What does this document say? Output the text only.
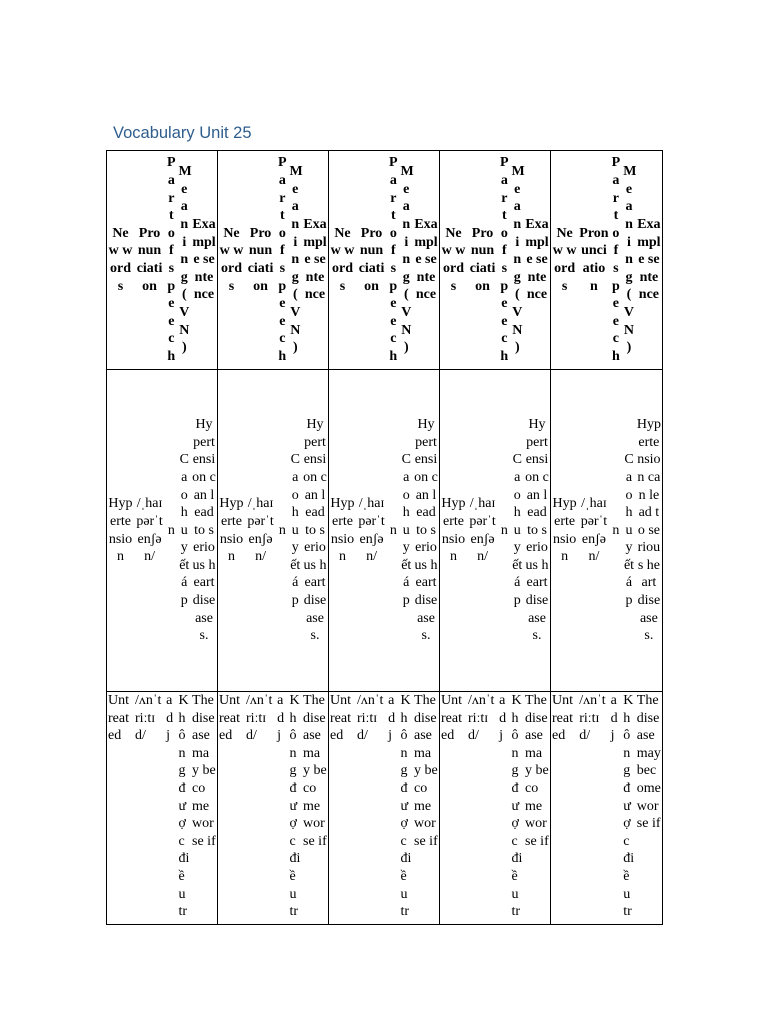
Vocabulary Unit 25
New words	Pronunciation	Part of speech	Meaning (VN)	Example sentence	New words	Pronunciation	Part of speech	Meaning (VN)	Example sentence	New words	Pronunciation	Part of speech	Meaning (VN)	Example sentence	New words	Pronunciation	Part of speech	Meaning (VN)	Example sentence	New words	Pronunciation	Part of speech	Meaning (VN)	Example sentence

Hypertension	/ˌhaɪpərˈtenʃən/	n	Cao huyết áp	Hypertension can lead to serious heart diseases.	Hypertension	/ˌhaɪpərˈtenʃən/	n	Cao huyết áp	Hypertension can lead to serious heart diseases.	Hypertension	/ˌhaɪpərˈtenʃən/	n	Cao huyết áp	Hypertension can lead to serious heart diseases.	Hypertension	/ˌhaɪpərˈtenʃən/	n	Cao huyết áp	Hypertension can lead to serious heart diseases.	Hypertension	/ˌhaɪpərˈtenʃən/	n	Cao huyết áp	Hypertension can lead to serious heart diseases.

Untreated	/ʌnˈtriːtɪd/	adj	Không được điều tr	The disease may become worse if	Untreated	/ʌnˈtriːtɪd/	adj	Không được điều tr	The disease may become worse if	Untreated	/ʌnˈtriːtɪd/	adj	Không được điều tr	The disease may become worse if	Untreated	/ʌnˈtriːtɪd/	adj	Không được điều tr	The disease may become worse if	Untreated	/ʌnˈtriːtɪd/	adj	Không được điều tr	The disease may become worse if
